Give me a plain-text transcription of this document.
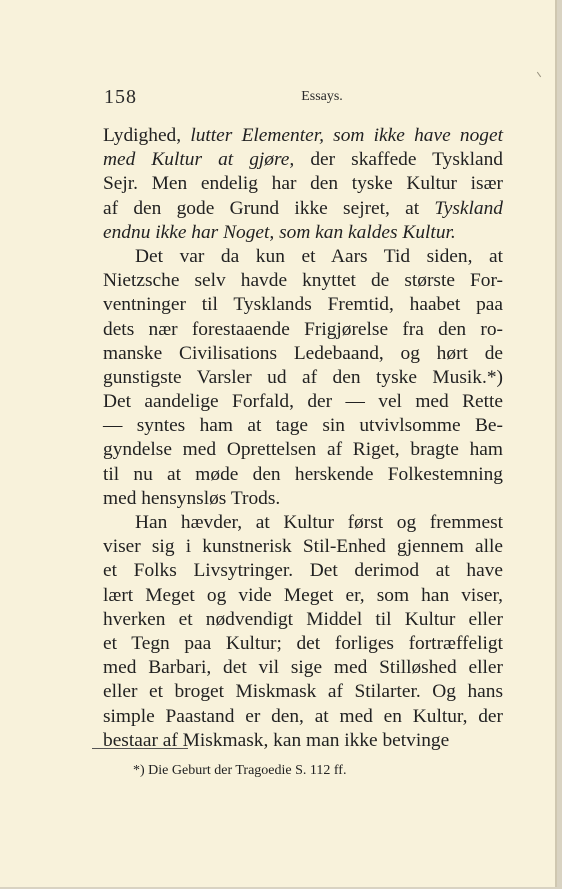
158	Essays.
Lydighed, lutter Elementer, som ikke have noget
med Kultur at gjøre, der skaffede Tyskland
Sejr. Men endelig har den tyske Kultur især
af den gode Grund ikke sejret, at Tyskland
endnu ikke har Noget, som kan kaldes Kultur.
Det var da kun et Aars Tid siden, at
Nietzsche selv havde knyttet de største For-
ventninger til Tysklands Fremtid, haabet paa
dets nær forestaaende Frigjørelse fra den ro-
manske Civilisations Ledebaand, og hørt de
gunstigste Varsler ud af den tyske Musik.*)
Det aandelige Forfald, der — vel med Rette
— syntes ham at tage sin utvivlsomme Be-
gyndelse med Oprettelsen af Riget, bragte ham
til nu at møde den herskende Folkestemning
med hensynsløs Trods.
Han hævder, at Kultur først og fremmest
viser sig i kunstnerisk Stil-Enhed gjennem alle
et Folks Livsytringer. Det derimod at have
lært Meget og vide Meget er, som han viser,
hverken et nødvendigt Middel til Kultur eller
et Tegn paa Kultur; det forliges fortræffeligt
med Barbari, det vil sige med Stilløshed eller
eller et broget Miskmask af Stilarter. Og hans
simple Paastand er den, at med en Kultur, der
bestaar af Miskmask, kan man ikke betvinge
*) Die Geburt der Tragoedie S. 112 ff.
